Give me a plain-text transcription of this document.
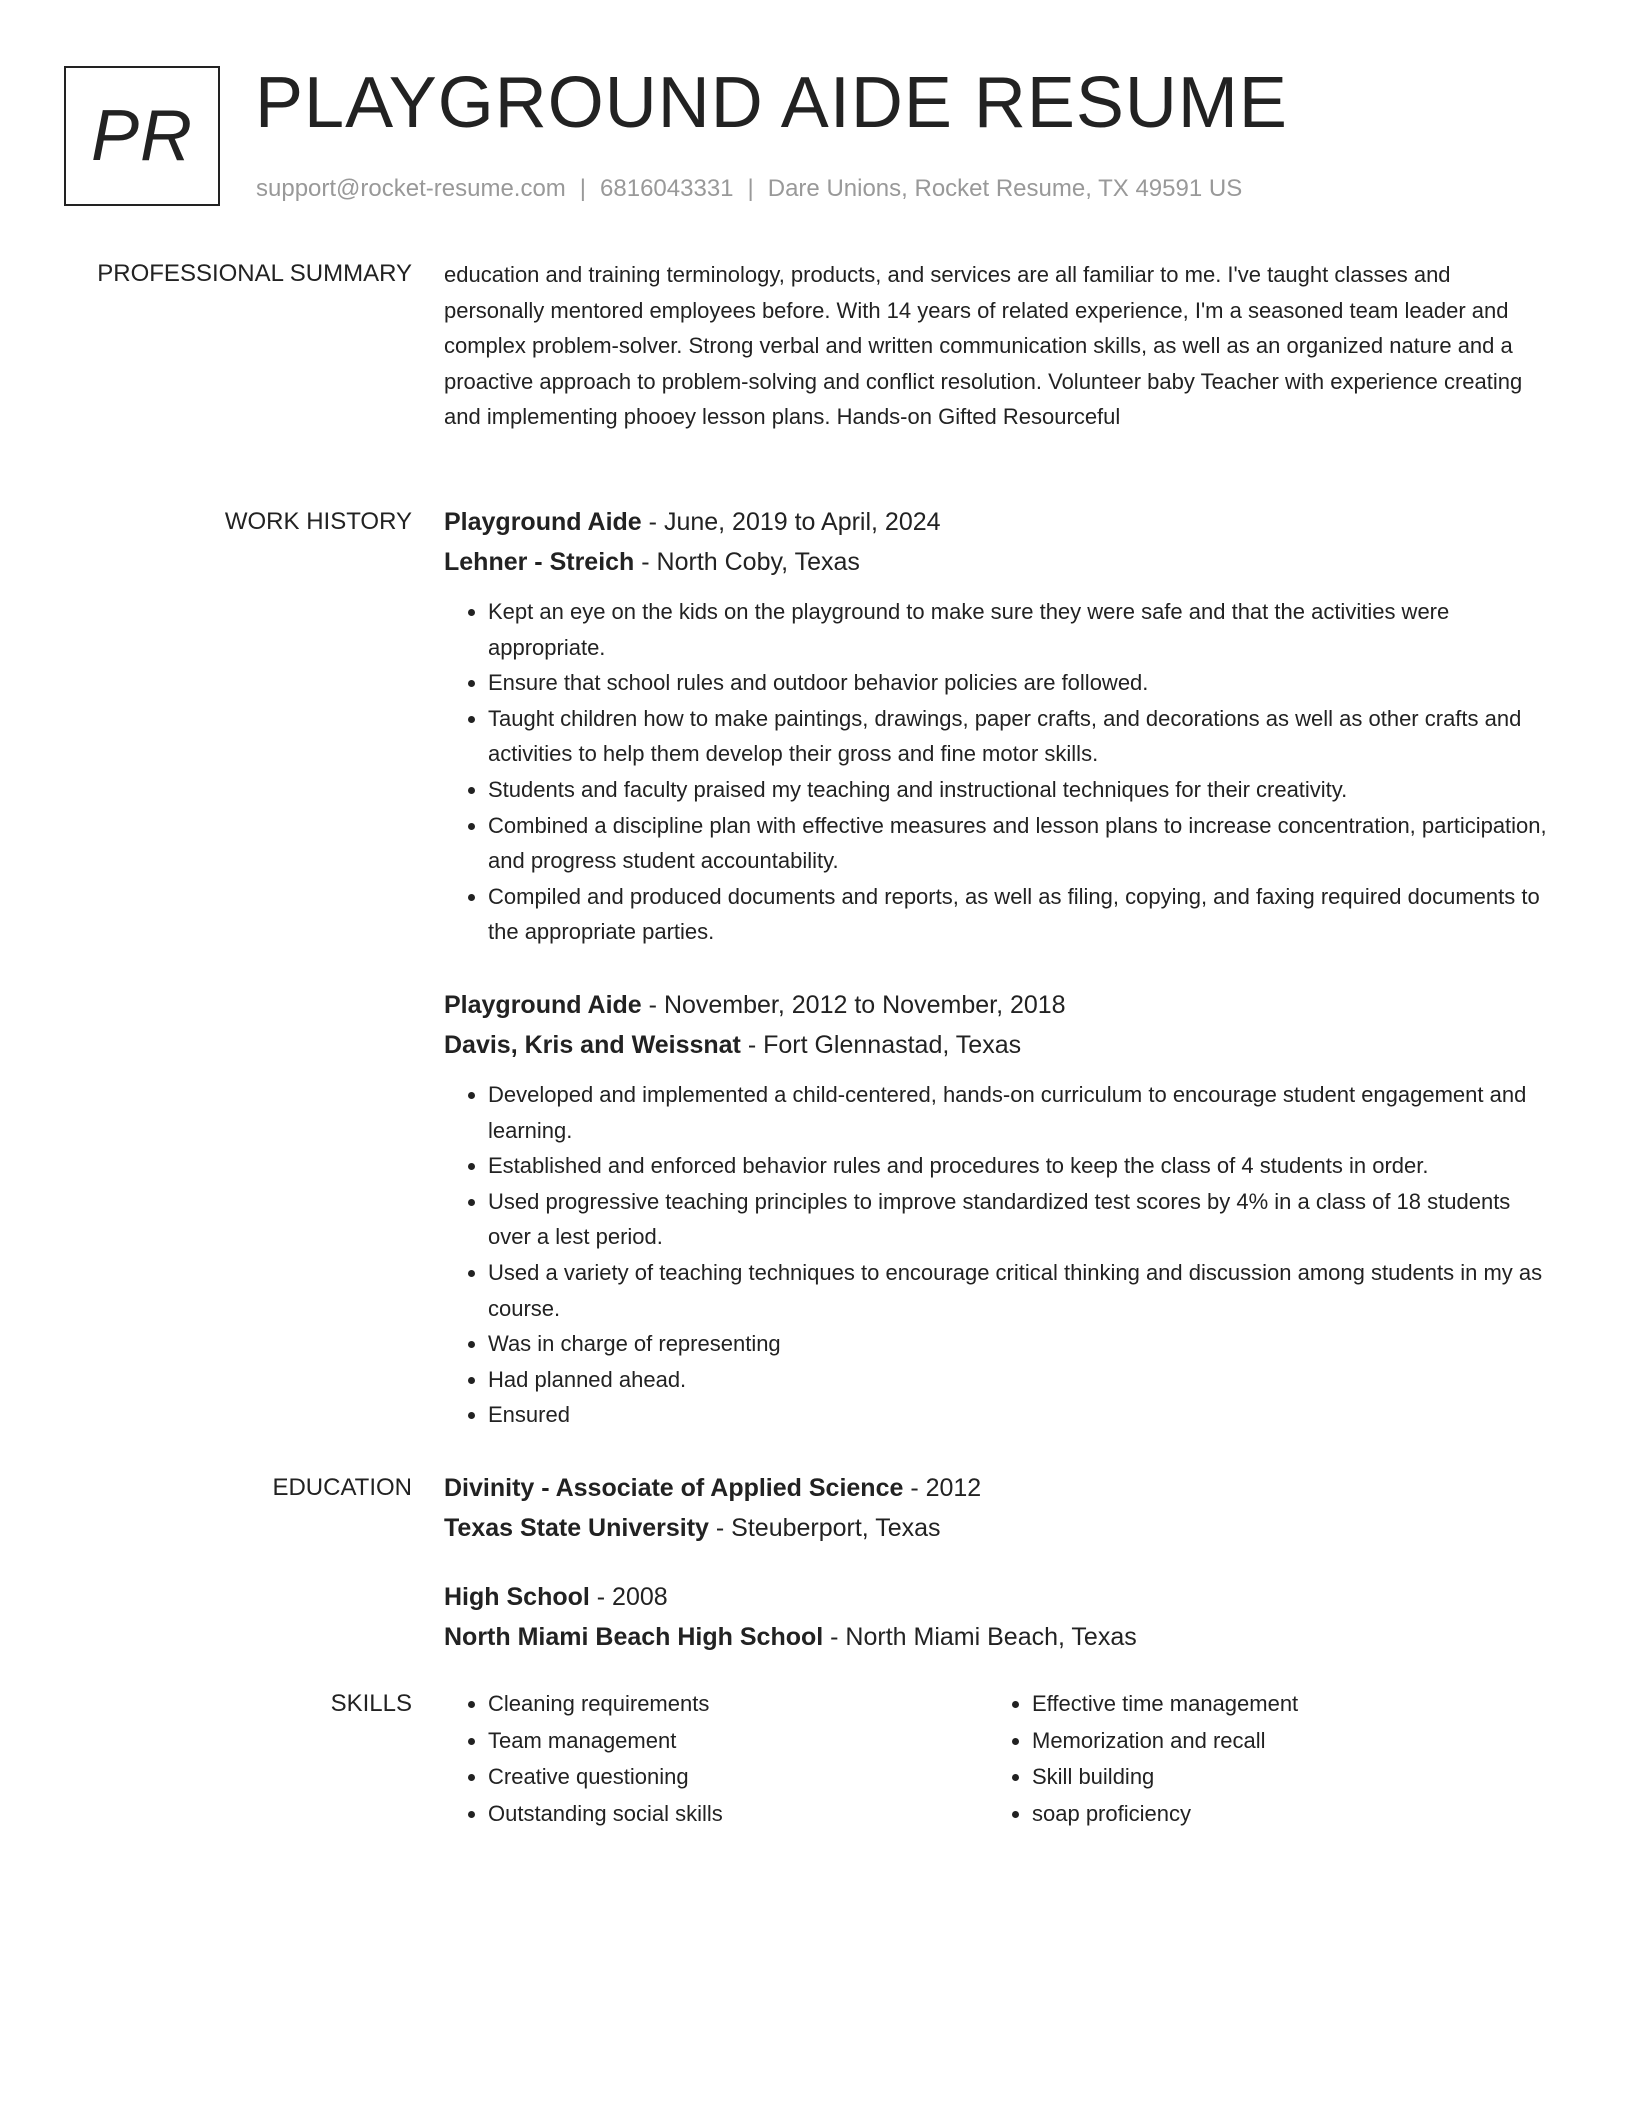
PR PLAYGROUND AIDE RESUME
support@rocket-resume.com | 6816043331 | Dare Unions, Rocket Resume, TX 49591 US
PROFESSIONAL SUMMARY education and training terminology, products, and services are all familiar to me. I've taught classes and personally mentored employees before. With 14 years of related experience, I'm a seasoned team leader and complex problem-solver. Strong verbal and written communication skills, as well as an organized nature and a proactive approach to problem-solving and conflict resolution. Volunteer baby Teacher with experience creating and implementing phooey lesson plans. Hands-on Gifted Resourceful

WORK HISTORY Playground Aide - June, 2019 to April, 2024
Lehner - Streich - North Coby, Texas
• Kept an eye on the kids on the playground to make sure they were safe and that the activities were appropriate.
• Ensure that school rules and outdoor behavior policies are followed.
• Taught children how to make paintings, drawings, paper crafts, and decorations as well as other crafts and activities to help them develop their gross and fine motor skills.
• Students and faculty praised my teaching and instructional techniques for their creativity.
• Combined a discipline plan with effective measures and lesson plans to increase concentration, participation, and progress student accountability.
• Compiled and produced documents and reports, as well as filing, copying, and faxing required documents to the appropriate parties.
Playground Aide - November, 2012 to November, 2018
Davis, Kris and Weissnat - Fort Glennastad, Texas
• Developed and implemented a child-centered, hands-on curriculum to encourage student engagement and learning.
• Established and enforced behavior rules and procedures to keep the class of 4 students in order.
• Used progressive teaching principles to improve standardized test scores by 4% in a class of 18 students over a lest period.
• Used a variety of teaching techniques to encourage critical thinking and discussion among students in my as course.
• Was in charge of representing
• Had planned ahead.
• Ensured
EDUCATION Divinity - Associate of Applied Science - 2012
Texas State University - Steuberport, Texas
High School - 2008
North Miami Beach High School - North Miami Beach, Texas
SKILLS
•	Cleaning requirements
• Team management
• Creative questioning
• Outstanding social skills
• Effective time management
• Memorization and recall
• Skill building
• soap proficiency
